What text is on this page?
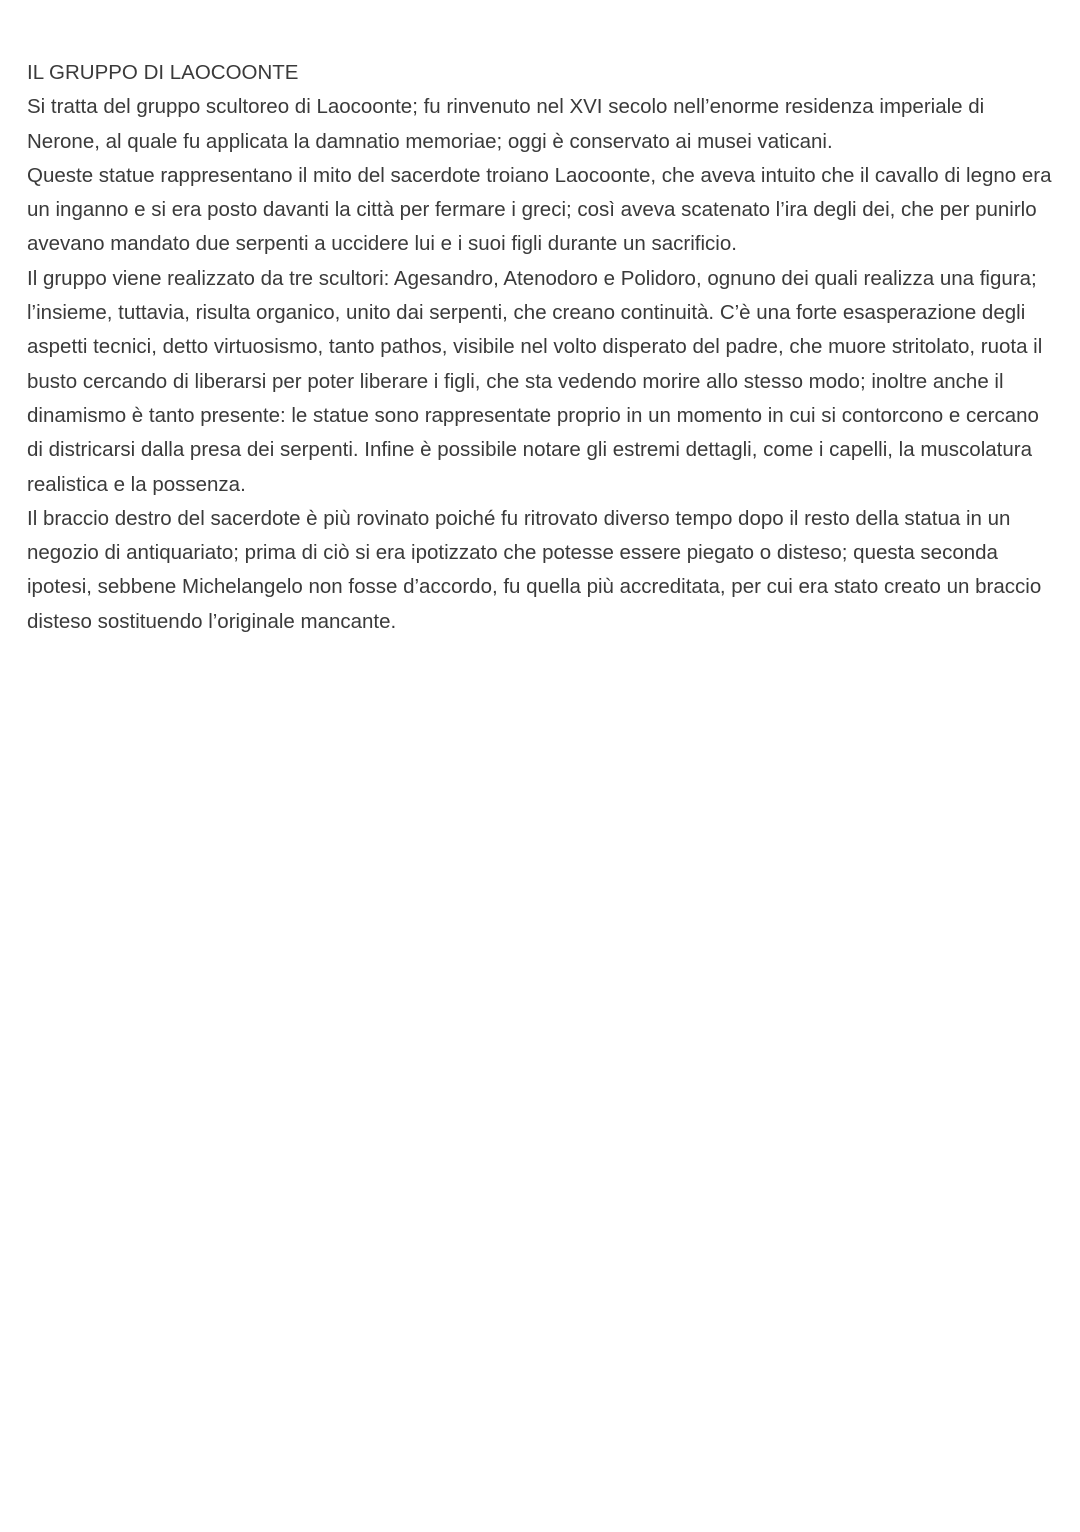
IL GRUPPO DI LAOCOONTE

Si tratta del gruppo scultoreo di Laocoonte; fu rinvenuto nel XVI secolo nell’enorme residenza imperiale di Nerone, al quale fu applicata la damnatio memoriae; oggi è conservato ai musei vaticani.

Queste statue rappresentano il mito del sacerdote troiano Laocoonte, che aveva intuito che il cavallo di legno era un inganno e si era posto davanti la città per fermare i greci; così aveva scatenato l’ira degli dei, che per punirlo avevano mandato due serpenti a uccidere lui e i suoi figli durante un sacrificio.

Il gruppo viene realizzato da tre scultori: Agesandro, Atenodoro e Polidoro, ognuno dei quali realizza una figura; l’insieme, tuttavia, risulta organico, unito dai serpenti, che creano continuità. C’è una forte esasperazione degli aspetti tecnici, detto virtuosismo, tanto pathos, visibile nel volto disperato del padre, che muore stritolato, ruota il busto cercando di liberarsi per poter liberare i figli, che sta vedendo morire allo stesso modo; inoltre anche il dinamismo è tanto presente: le statue sono rappresentate proprio in un momento in cui si contorcono e cercano di districarsi dalla presa dei serpenti. Infine è possibile notare gli estremi dettagli, come i capelli, la muscolatura realistica e la possenza.

Il braccio destro del sacerdote è più rovinato poiché fu ritrovato diverso tempo dopo il resto della statua in un negozio di antiquariato; prima di ciò si era ipotizzato che potesse essere piegato o disteso; questa seconda ipotesi, sebbene Michelangelo non fosse d’accordo, fu quella più accreditata, per cui era stato creato un braccio disteso sostituendo l’originale mancante.
